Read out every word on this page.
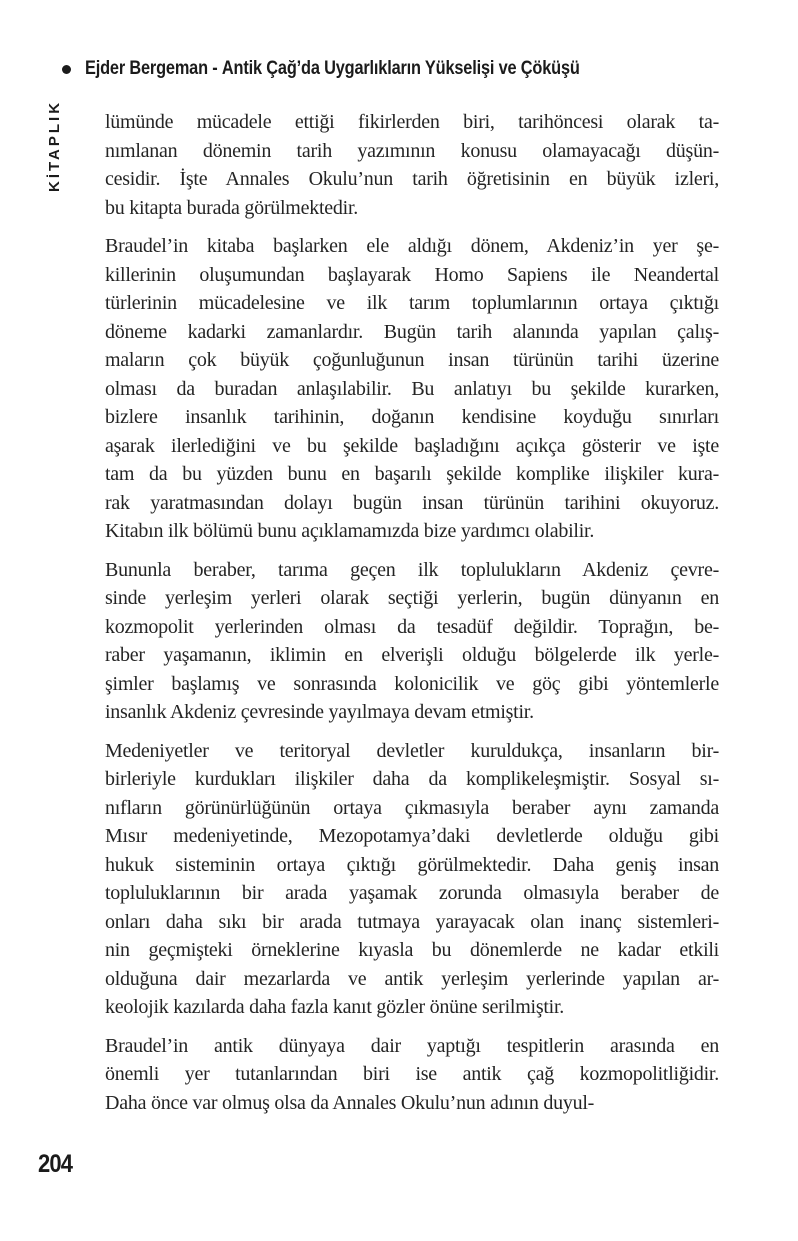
Ejder Bergeman - Antik Çağ’da Uygarlıkların Yükselişi ve Çöküşü
KİTAPLIK lümünde mücadele ettiği fikirlerden biri, tarihöncesi olarak ta-
nımlanan dönemin tarih yazımının konusu olamayacağı düşün-
cesidir. İşte Annales Okulu’nun tarih öğretisinin en büyük izleri,
bu kitapta burada görülmektedir.
Braudel’in kitaba başlarken ele aldığı dönem, Akdeniz’in yer şe-
killerinin oluşumundan başlayarak Homo Sapiens ile Neandertal
türlerinin mücadelesine ve ilk tarım toplumlarının ortaya çıktığı
döneme kadarki zamanlardır. Bugün tarih alanında yapılan çalış-
maların çok büyük çoğunluğunun insan türünün tarihi üzerine
olması da buradan anlaşılabilir. Bu anlatıyı bu şekilde kurarken,
bizlere insanlık tarihinin, doğanın kendisine koyduğu sınırları
aşarak ilerlediğini ve bu şekilde başladığını açıkça gösterir ve işte
tam da bu yüzden bunu en başarılı şekilde komplike ilişkiler kura-
rak yaratmasından dolayı bugün insan türünün tarihini okuyoruz.
Kitabın ilk bölümü bunu açıklamamızda bize yardımcı olabilir.
Bununla beraber, tarıma geçen ilk toplulukların Akdeniz çevre-
sinde yerleşim yerleri olarak seçtiği yerlerin, bugün dünyanın en
kozmopolit yerlerinden olması da tesadüf değildir. Toprağın, be-
raber yaşamanın, iklimin en elverişli olduğu bölgelerde ilk yerle-
şimler başlamış ve sonrasında kolonicilik ve göç gibi yöntemlerle
insanlık Akdeniz çevresinde yayılmaya devam etmiştir.
Medeniyetler ve teritoryal devletler kuruldukça, insanların bir-
birleriyle kurdukları ilişkiler daha da komplikeleşmiştir. Sosyal sı-
nıfların görünürlüğünün ortaya çıkmasıyla beraber aynı zamanda
Mısır medeniyetinde, Mezopotamya’daki devletlerde olduğu gibi
hukuk sisteminin ortaya çıktığı görülmektedir. Daha geniş insan
topluluklarının bir arada yaşamak zorunda olmasıyla beraber de
onları daha sıkı bir arada tutmaya yarayacak olan inanç sistemleri-
nin geçmişteki örneklerine kıyasla bu dönemlerde ne kadar etkili
olduğuna dair mezarlarda ve antik yerleşim yerlerinde yapılan ar-
keolojik kazılarda daha fazla kanıt gözler önüne serilmiştir.
Braudel’in antik dünyaya dair yaptığı tespitlerin arasında en
önemli yer tutanlarından biri ise antik çağ kozmopolitliğidir.
Daha önce var olmuş olsa da Annales Okulu’nun adının duyul-
204
